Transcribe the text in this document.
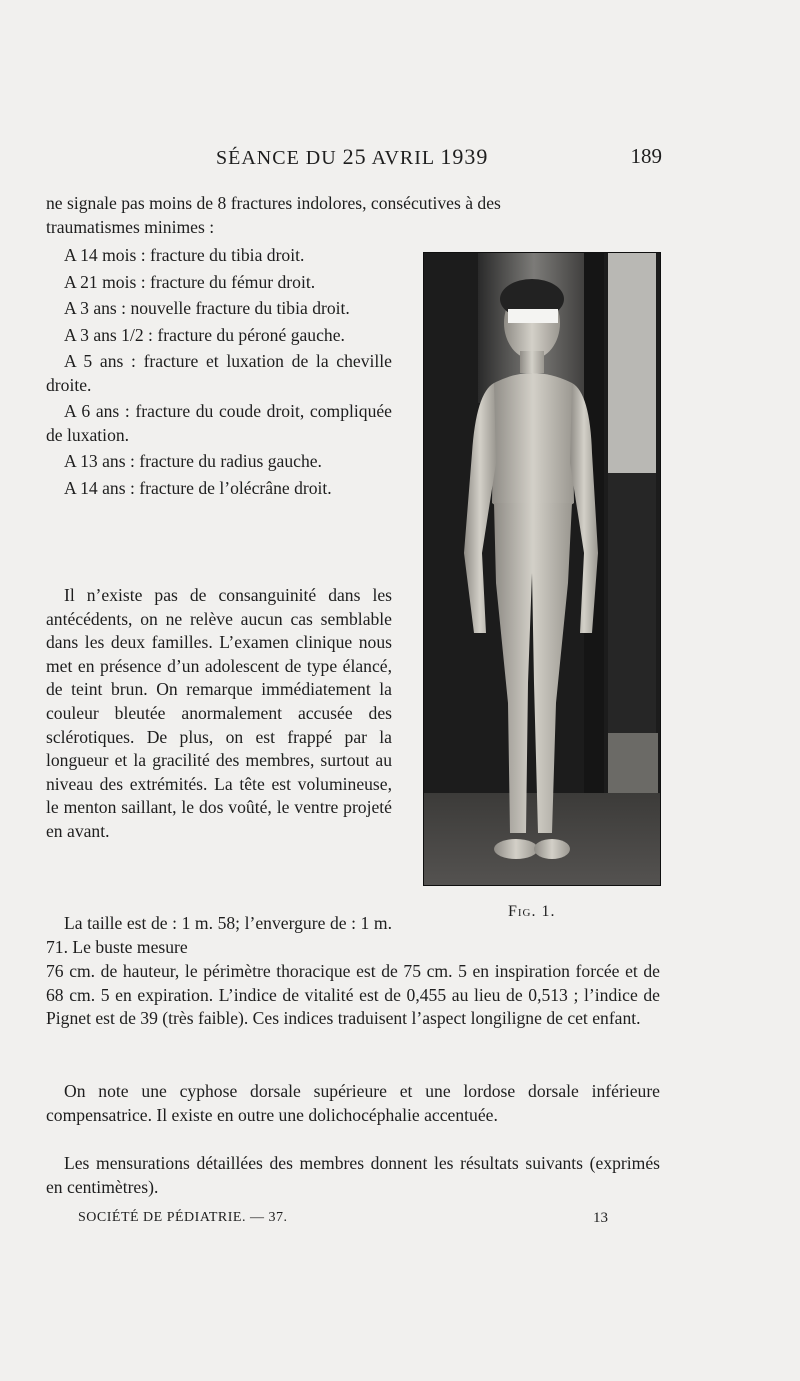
SÉANCE DU 25 AVRIL 1939	189

ne signale pas moins de 8 fractures indolores, consécutives à des

traumatismes minimes :

A 14 mois : fracture du tibia droit.

A 21 mois : fracture du fémur droit.

A 3 ans : nouvelle fracture du tibia droit.

A 3 ans 1/2 : fracture du péroné gauche.

A 5 ans : fracture et luxation de la cheville droite.

A 6 ans : fracture du coude droit, compliquée de luxation.

A 13 ans : fracture du radius gauche.

A 14 ans : fracture de l’olécrâne droit.

Il n’existe pas de consanguinité dans les antécédents, on ne relève aucun cas semblable dans les deux familles. L’examen clinique nous met en présence d’un adolescent de type élancé, de teint brun. On remarque immédiatement la couleur bleutée anormalement accusée des sclérotiques. De plus, on est frappé par la longueur et la gracilité des membres, surtout au niveau des extrémités. La tête est volumineuse, le menton saillant, le dos voûté, le ventre projeté en avant.

La taille est de : 1 m. 58; l’envergure de : 1 m. 71. Le buste mesure

76 cm. de hauteur, le périmètre thoracique est de 75 cm. 5 en inspiration forcée et de 68 cm. 5 en expiration. L’indice de vitalité est de 0,455 au lieu de 0,513 ; l’indice de Pignet est de 39 (très faible). Ces indices traduisent l’aspect longiligne de cet enfant.

On note une cyphose dorsale supérieure et une lordose dorsale inférieure compensatrice. Il existe en outre une dolichocéphalie accentuée.

Les mensurations détaillées des membres donnent les résultats suivants (exprimés en centimètres).

Fig. 1.
SOCIÉTÉ DE PÉDIATRIE. — 37.	13
